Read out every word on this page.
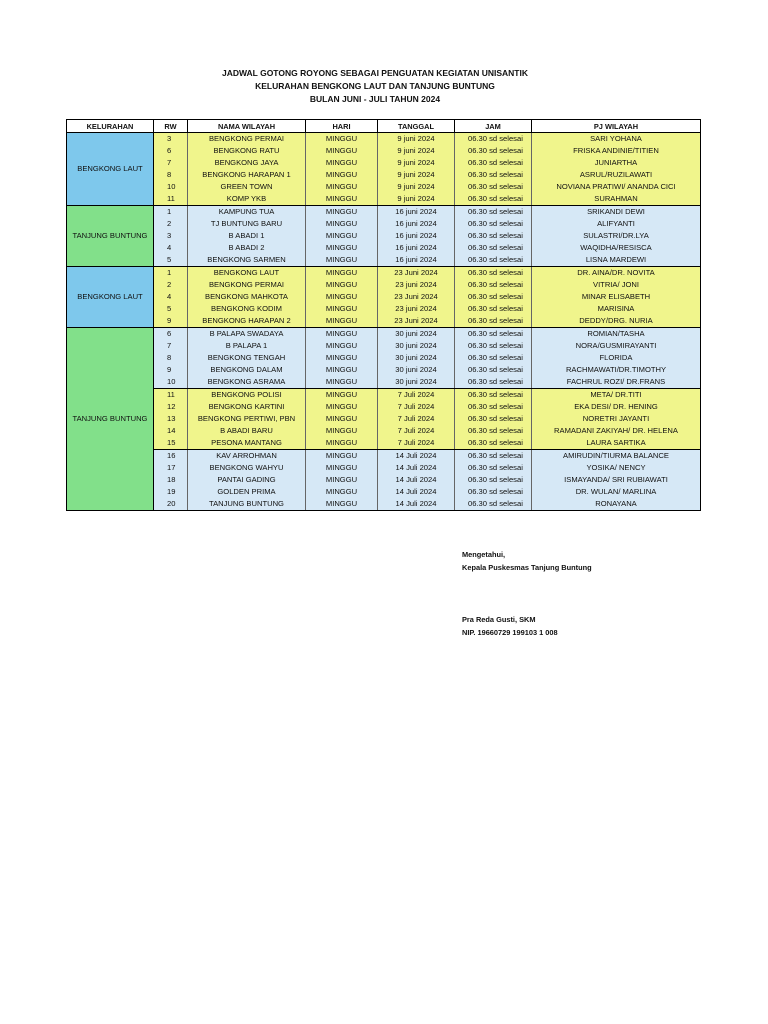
JADWAL GOTONG ROYONG SEBAGAI PENGUATAN KEGIATAN UNISANTIK
KELURAHAN BENGKONG LAUT DAN TANJUNG BUNTUNG
BULAN JUNI - JULI TAHUN 2024
KELURAHAN	RW	NAMA WILAYAH	HARI	TANGGAL	JAM	PJ WILAYAH
BENGKONG LAUT	3	BENGKONG PERMAI	MINGGU	9 juni 2024	06.30 sd selesai	SARI YOHANA
	6	BENGKONG RATU	MINGGU	9 juni 2024	06.30 sd selesai	FRISKA ANDINIE/TITIEN
	7	BENGKONG JAYA	MINGGU	9 juni 2024	06.30 sd selesai	JUNIARTHA
	8	BENGKONG HARAPAN 1	MINGGU	9 juni 2024	06.30 sd selesai	ASRUL/RUZILAWATI
	10	GREEN TOWN	MINGGU	9 juni 2024	06.30 sd selesai	NOVIANA PRATIWI/ ANANDA CICI
	11	KOMP YKB	MINGGU	9 juni 2024	06.30 sd selesai	SURAHMAN
TANJUNG BUNTUNG	1	KAMPUNG TUA	MINGGU	16 juni 2024	06.30 sd selesai	SRIKANDI DEWI
	2	TJ BUNTUNG BARU	MINGGU	16 juni 2024	06.30 sd selesai	ALIFYANTI
	3	B ABADI 1	MINGGU	16 juni 2024	06.30 sd selesai	SULASTRI/DR.LYA
	4	B ABADI 2	MINGGU	16 juni 2024	06.30 sd selesai	WAQIDHA/RESISCA
	5	BENGKONG SARMEN	MINGGU	16 juni 2024	06.30 sd selesai	LISNA MARDEWI
BENGKONG LAUT	1	BENGKONG LAUT	MINGGU	23 Juni 2024	06.30 sd selesai	DR. AINA/DR. NOVITA
	2	BENGKONG PERMAI	MINGGU	23 juni 2024	06.30 sd selesai	VITRIA/ JONI
	4	BENGKONG MAHKOTA	MINGGU	23 Juni 2024	06.30 sd selesai	MINAR ELISABETH
	5	BENGKONG KODIM	MINGGU	23 juni 2024	06.30 sd selesai	MARISINA
	9	BENGKONG HARAPAN 2	MINGGU	23 Juni 2024	06.30 sd selesai	DEDDY/DRG. NURIA
TANJUNG BUNTUNG	6	B PALAPA SWADAYA	MINGGU	30 juni 2024	06.30 sd selesai	ROMIAN/TASHA
	7	B PALAPA 1	MINGGU	30 juni 2024	06.30 sd selesai	NORA/GUSMIRAYANTI
	8	BENGKONG TENGAH	MINGGU	30 juni 2024	06.30 sd selesai	FLORIDA
	9	BENGKONG DALAM	MINGGU	30 juni 2024	06.30 sd selesai	RACHMAWATI/DR.TIMOTHY
	10	BENGKONG ASRAMA	MINGGU	30 juni 2024	06.30 sd selesai	FACHRUL ROZI/ DR.FRANS
	11	BENGKONG POLISI	MINGGU	7 Juli 2024	06.30 sd selesai	META/ DR.TITI
	12	BENGKONG KARTINI	MINGGU	7 Juli 2024	06.30 sd selesai	EKA DESI/ DR. HENING
	13	BENGKONG PERTIWI, PBN	MINGGU	7 Juli 2024	06.30 sd selesai	NORETRI JAYANTI
	14	B ABADI BARU	MINGGU	7 Juli 2024	06.30 sd selesai	RAMADANI ZAKIYAH/ DR. HELENA
	15	PESONA MANTANG	MINGGU	7 Juli 2024	06.30 sd selesai	LAURA SARTIKA
	16	KAV ARROHMAN	MINGGU	14 Juli 2024	06.30 sd selesai	AMIRUDIN/TIURMA BALANCE
	17	BENGKONG WAHYU	MINGGU	14 Juli 2024	06.30 sd selesai	YOSIKA/ NENCY
	18	PANTAI GADING	MINGGU	14 Juli 2024	06.30 sd selesai	ISMAYANDA/ SRI RUBIAWATI
	19	GOLDEN PRIMA	MINGGU	14 Juli 2024	06.30 sd selesai	DR. WULAN/ MARLINA
	20	TANJUNG BUNTUNG	MINGGU	14 Juli 2024	06.30 sd selesai	RONAYANA
Mengetahui,
Kepala Puskesmas Tanjung Buntung
Pra Reda Gusti, SKM
NIP. 19660729 199103 1 008
